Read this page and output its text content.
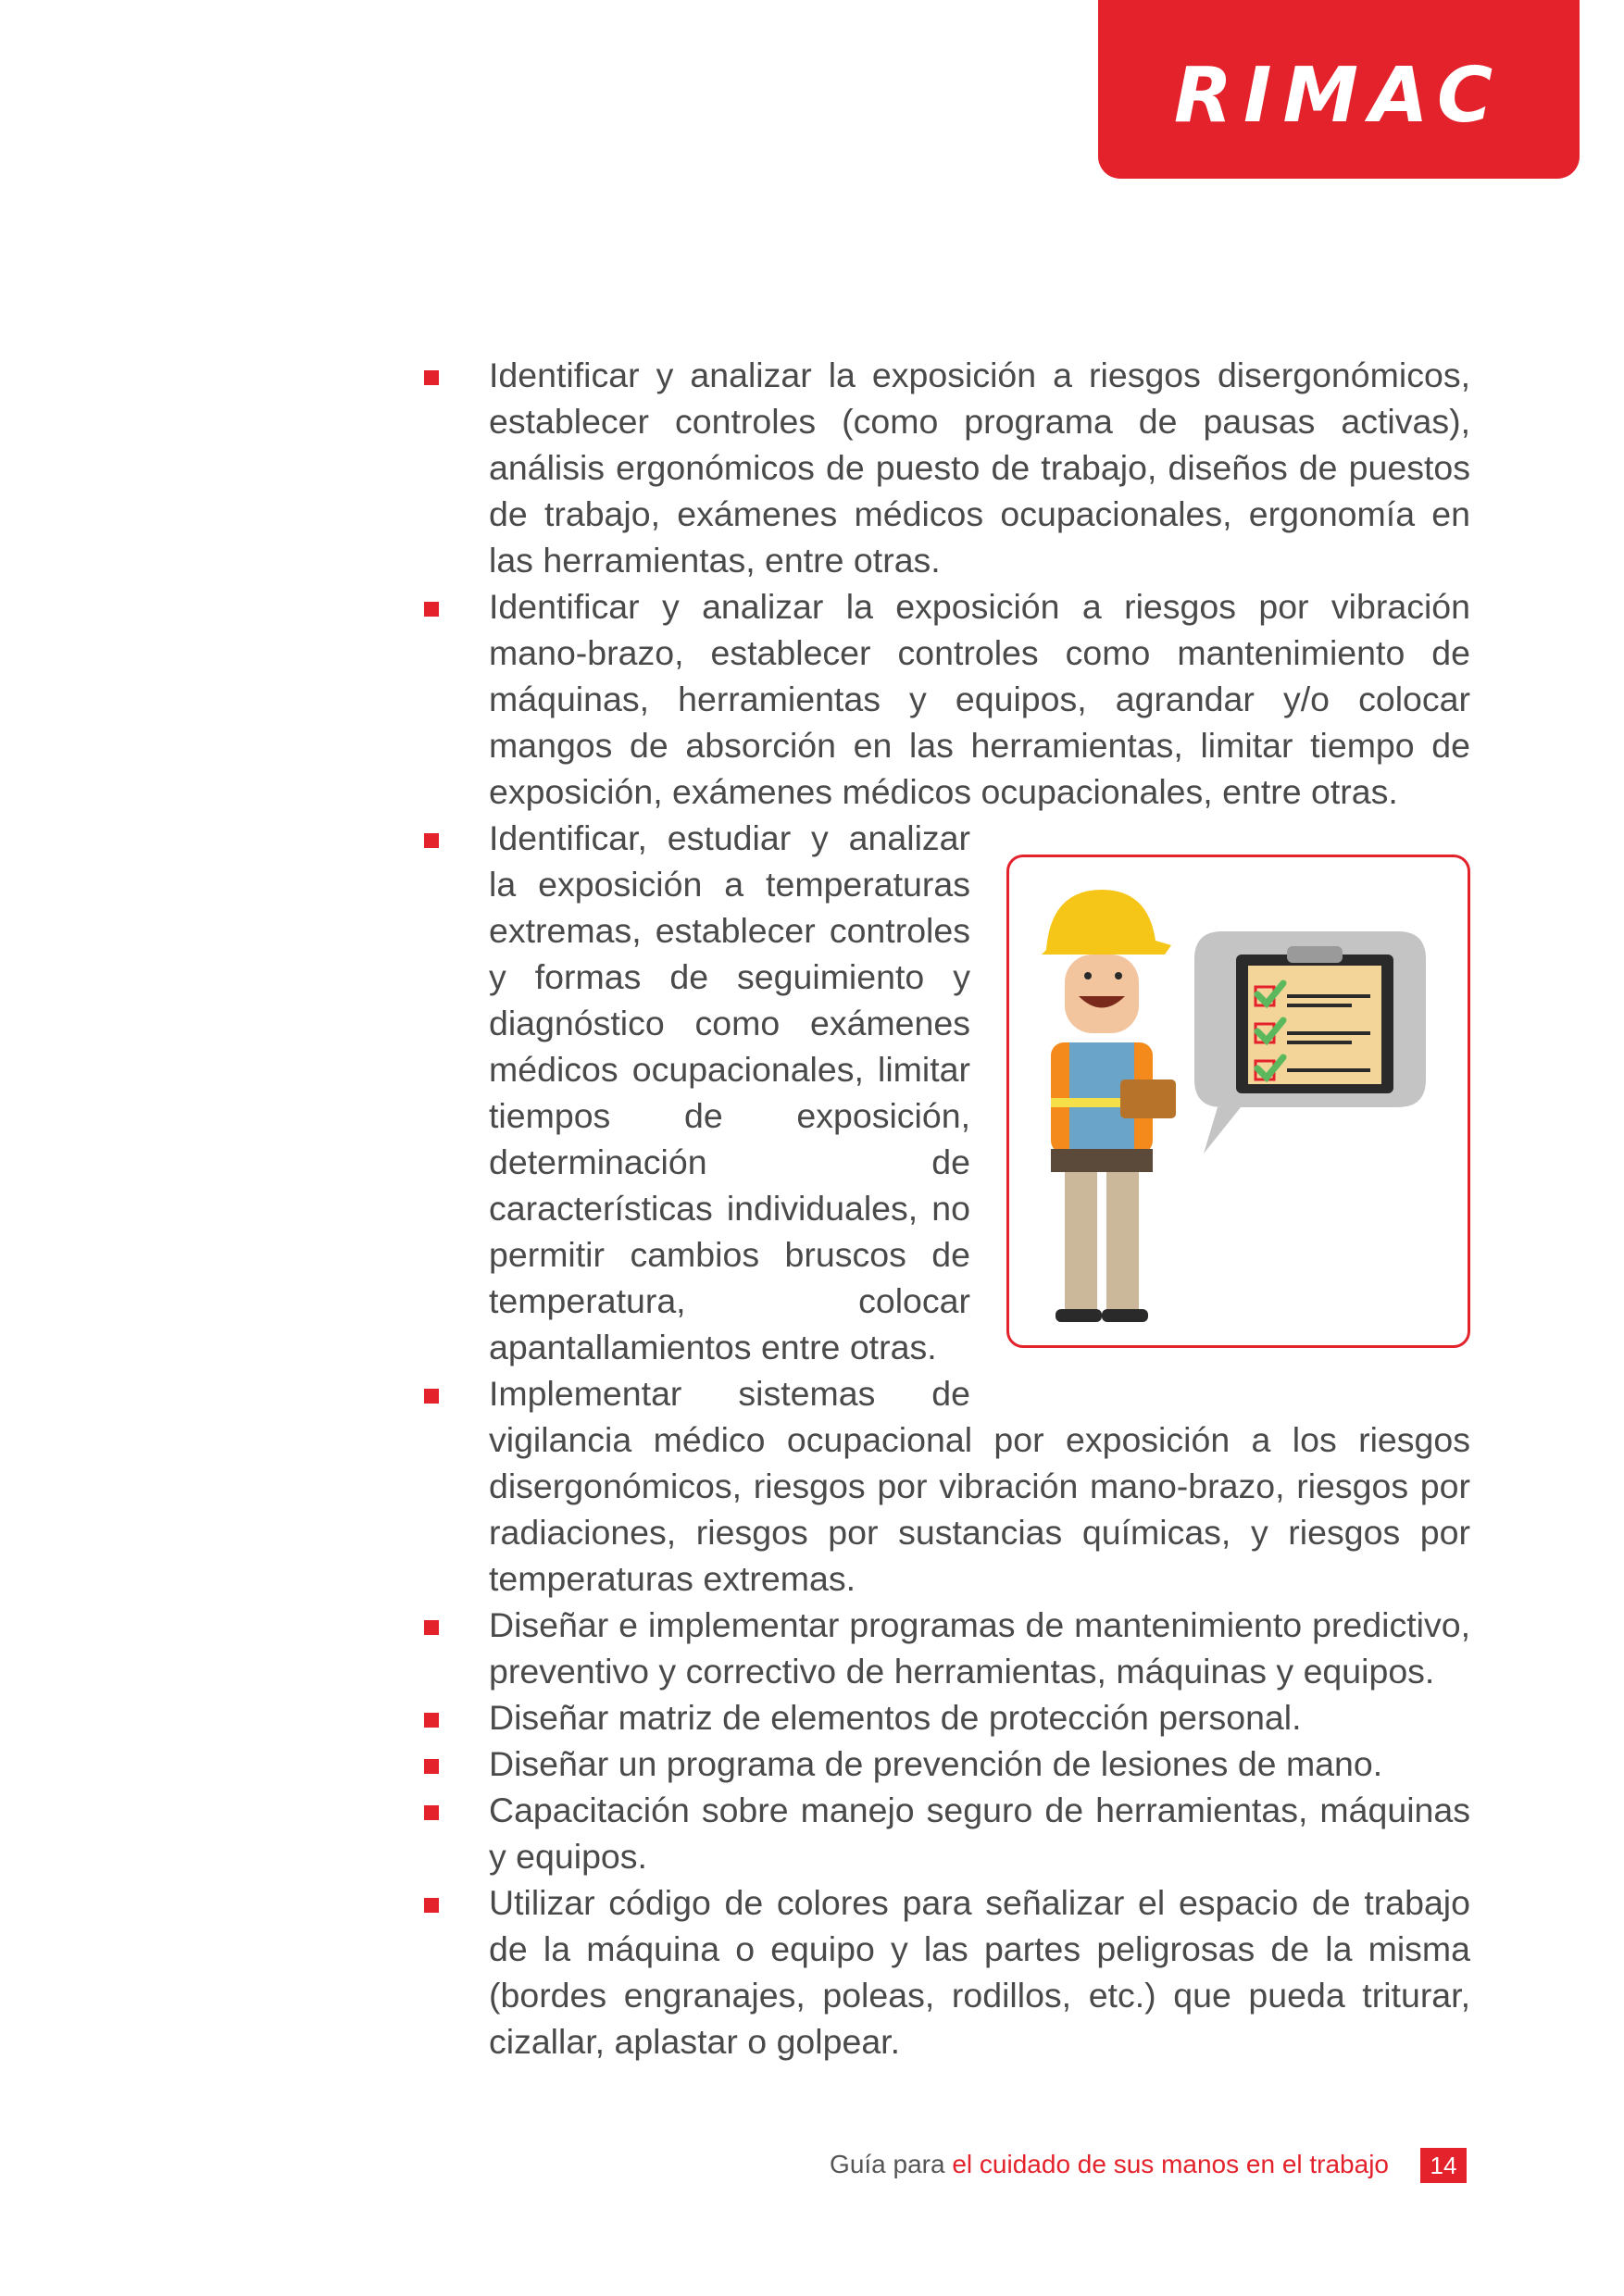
RIMAC

Identificar y analizar la exposición a riesgos disergonómicos, establecer controles (como programa de pausas activas), análisis ergonómicos de puesto de trabajo, diseños de puestos de trabajo, exámenes médicos ocupacionales, ergonomía en las herramientas, entre otras.

Identificar y analizar la exposición a riesgos por vibración mano-brazo, establecer controles como mantenimiento de máquinas, herramientas y equipos, agrandar y/o colocar mangos de absorción en las herramientas, limitar tiempo de exposición, exámenes médicos ocupacionales, entre otras.

Identificar, estudiar y analizar la exposición a temperaturas extremas, establecer controles y formas de seguimiento y diagnóstico como exámenes médicos ocupacionales, limitar tiempos de exposición, determinación de características individuales, no permitir cambios bruscos de temperatura, colocar apantallamientos entre otras.

Implementar sistemas de
vigilancia médico ocupacional por exposición a los riesgos disergonómicos, riesgos por vibración mano-brazo, riesgos por radiaciones, riesgos por sustancias químicas, y riesgos por temperaturas extremas.

Diseñar e implementar programas de mantenimiento predictivo, preventivo y correctivo de herramientas, máquinas y equipos.

Diseñar matriz de elementos de protección personal.

Diseñar un programa de prevención de lesiones de mano.

Capacitación sobre manejo seguro de herramientas, máquinas y equipos.

Utilizar código de colores para señalizar el espacio de trabajo de la máquina o equipo y las partes peligrosas de la misma (bordes engranajes, poleas, rodillos, etc.) que pueda triturar, cizallar, aplastar o golpear.

Guía para el cuidado de sus manos en el trabajo	14
